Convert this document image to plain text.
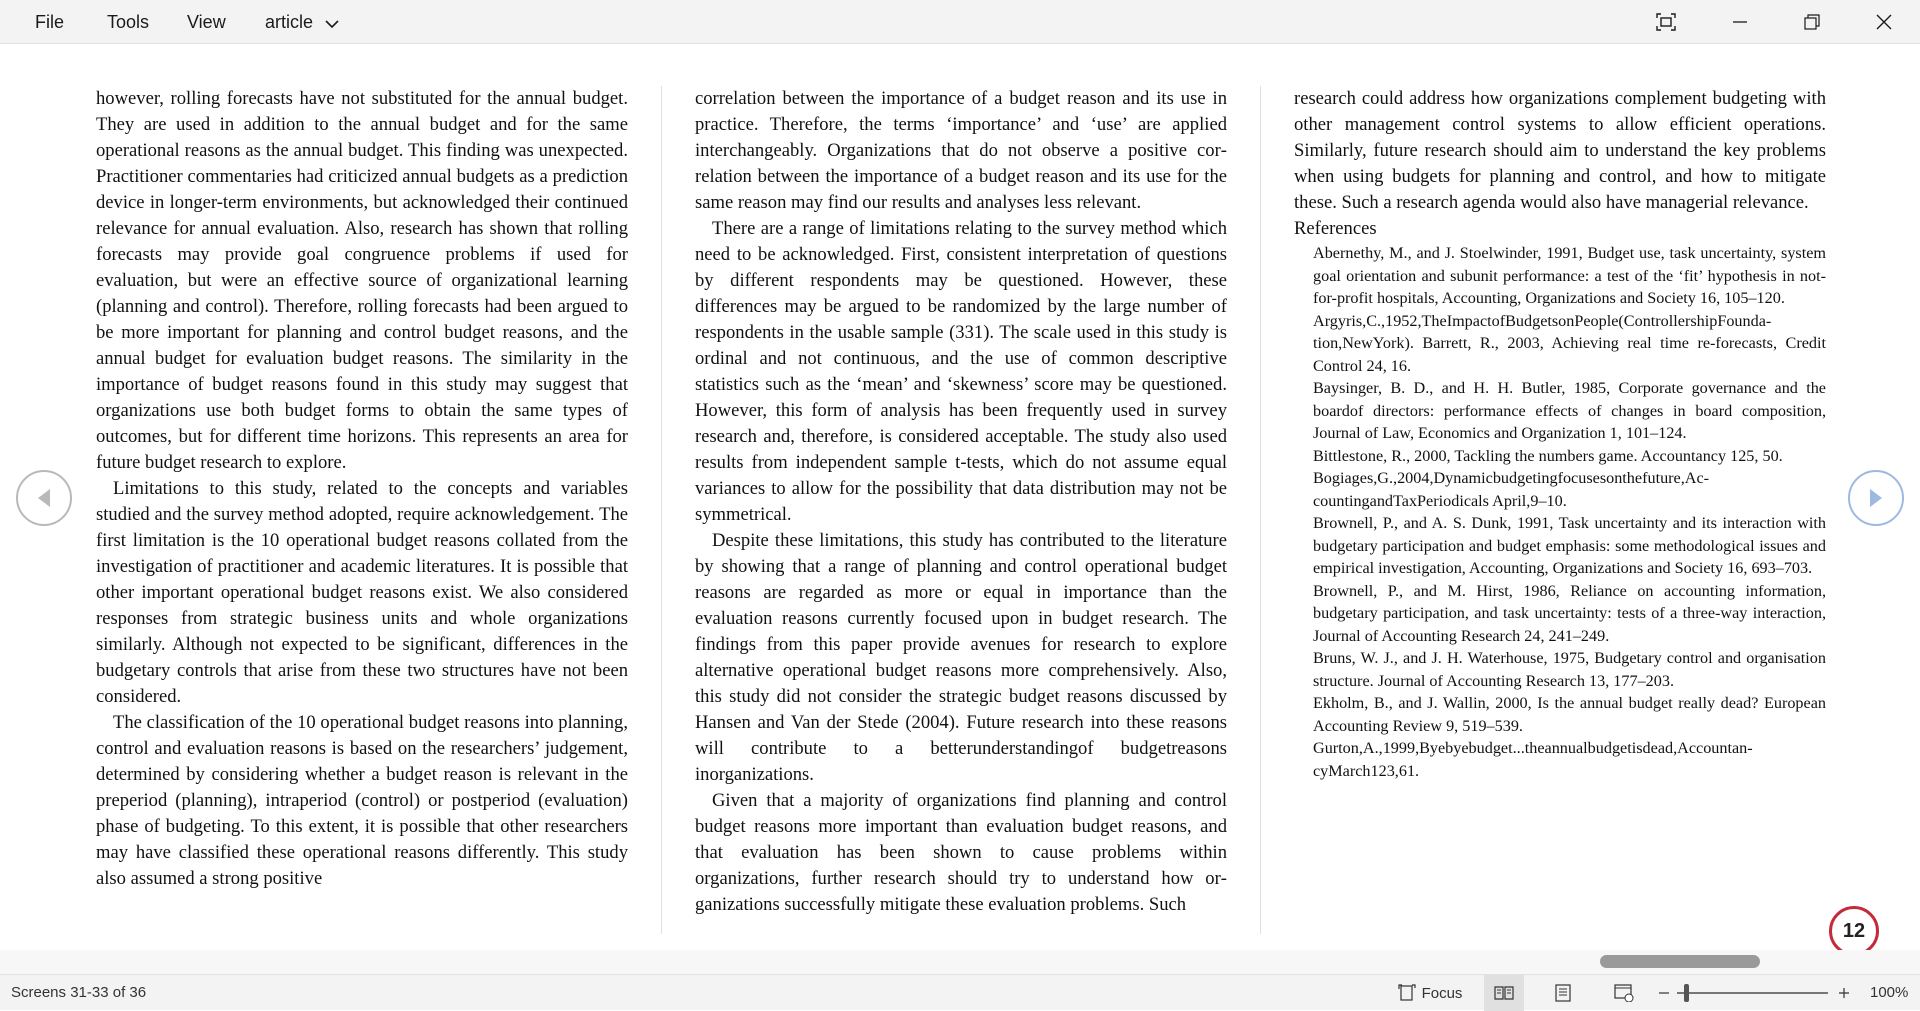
File	Tools	View	article

however, rolling forecasts have not substituted for the annual budget. They are used in addition to the annual budget and for the same operational reasons as the annual budget. This finding was unexpected. Practitioner commentaries had criticized annual budgets as a prediction device in longer-term environments, but acknowledged their continued relevance for annual evaluation. Also, research has shown that rolling forecasts may provide goal congruence problems if used for evaluation, but were an effective source of organizational learning (planning and control). Therefore, rolling forecasts had been argued to be more important for planning and control budget reasons, and the annual budget for evaluation budget reasons. The similarity in the importance of budget reasons found in this study may suggest that organizations use both budget forms to obtain the same types of outcomes, but for different time horizons. This represents an area for future budget research to explore.

Limitations to this study, related to the concepts and variables studied and the survey method adopted, require acknowledgement. The first limitation is the 10 operational budget reasons collated from the investigation of practitioner and academic literatures. It is possible that other important operational budget reasons exist. We also considered responses from strategic business units and whole organizations similarly. Although not expected to be significant, differences in the budgetary controls that arise from these two structures have not been considered.

The classification of the 10 operational budget reasons into planning, control and evaluation reasons is based on the researchers’ judgement, determined by considering whether a budget reason is relevant in the preperiod (planning), intraperiod (control) or postperiod (evaluation) phase of budgeting. To this extent, it is possible that other researchers may have classified these operational reasons differently. This study also assumed a strong positive

correlation between the importance of a budget reason and its use in practice. Therefore, the terms ‘importance’ and ‘use’ are applied interchangeably. Organizations that do not observe a positive correlation between the importance of a budget reason and its use for the same reason may find our results and analyses less relevant.

There are a range of limitations relating to the survey method which need to be acknowledged. First, consistent interpretation of questions by different respondents may be questioned. However, these differences may be argued to be randomized by the large number of respondents in the usable sample (331). The scale used in this study is ordinal and not continuous, and the use of common descriptive statistics such as the ‘mean’ and ‘skewness’ score may be questioned. However, this form of analysis has been frequently used in survey research and, therefore, is considered acceptable. The study also used results from independent sample t-tests, which do not assume equal variances to allow for the possibility that data distribution may not be symmetrical.

Despite these limitations, this study has contributed to the literature by showing that a range of planning and control operational budget reasons are regarded as more or equal in importance than the evaluation reasons currently focused upon in budget research. The findings from this paper provide avenues for research to explore alternative operational budget reasons more comprehensively. Also, this study did not consider the strategic budget reasons discussed by Hansen and Van der Stede (2004). Future research into these reasons will contribute to a betterunderstandingof budgetreasons inorganizations.

Given that a majority of organizations find planning and control budget reasons more important than evaluation budget reasons, and that evaluation has been shown to cause problems within organizations, further research should try to understand how organizations successfully mitigate these evaluation problems. Such

research could address how organizations complement budgeting with other management control systems to allow efficient operations. Similarly, future research should aim to understand the key problems when using budgets for planning and control, and how to mitigate these. Such a research agenda would also have managerial relevance.

References

Abernethy, M., and J. Stoelwinder, 1991, Budget use, task uncertainty, system goal orientation and subunit performance: a test of the ‘fit’ hypothesis in not-for-profit hospitals, Accounting, Organizations and Society 16, 105–120.

Argyris,C.,1952,TheImpactofBudgetsonPeople(ControllershipFoundation,NewYork). Barrett, R., 2003, Achieving real time re-forecasts, Credit Control 24, 16.

Baysinger, B. D., and H. H. Butler, 1985, Corporate governance and the boardof directors: performance effects of changes in board composition, Journal of Law, Economics and Organization 1, 101–124.

Bittlestone, R., 2000, Tackling the numbers game. Accountancy 125, 50.

Bogiages,G.,2004,Dynamicbudgetingfocusesonthefuture,AccountingandTaxPeriodicals April,9–10.

Brownell, P., and A. S. Dunk, 1991, Task uncertainty and its interaction with budgetary participation and budget emphasis: some methodological issues and empirical investigation, Accounting, Organizations and Society 16, 693–703.

Brownell, P., and M. Hirst, 1986, Reliance on accounting information, budgetary participation, and task uncertainty: tests of a three-way interaction, Journal of Accounting Research 24, 241–249.

Bruns, W. J., and J. H. Waterhouse, 1975, Budgetary control and organisation structure. Journal of Accounting Research 13, 177–203.

Ekholm, B., and J. Wallin, 2000, Is the annual budget really dead? European Accounting Review 9, 519–539.

Gurton,A.,1999,Byebyebudget...theannualbudgetisdead,AccountancyMarch123,61.

12
Screens 31-33 of 36	Focus	100%
